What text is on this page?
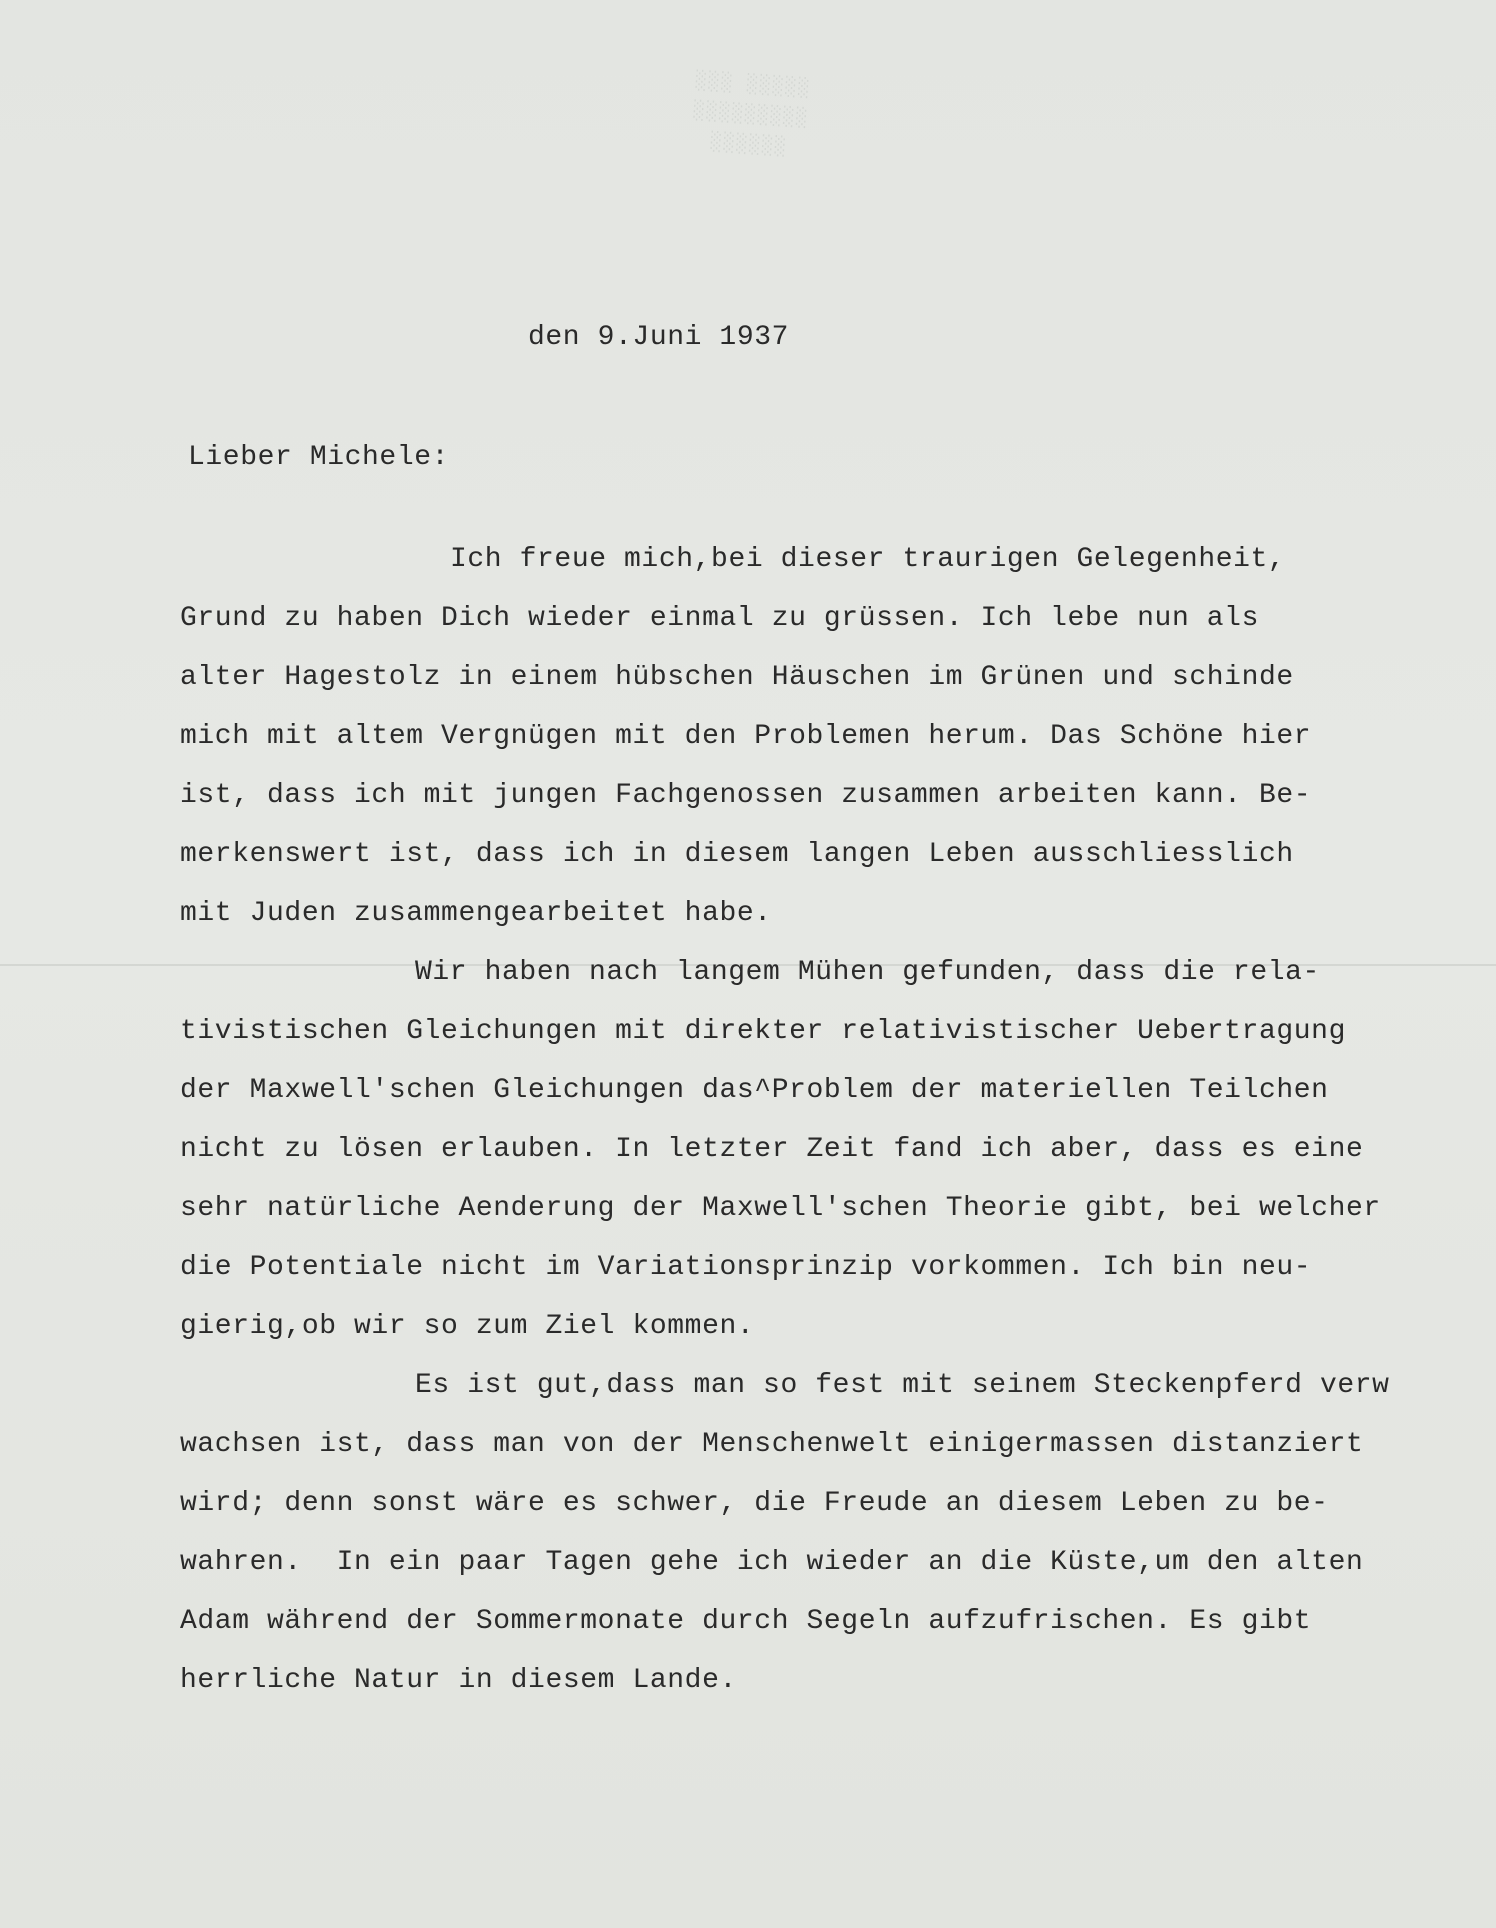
░░░ ░░░░░
░░░░░░░░░
░░░░░░
den 9.Juni 1937
Lieber Michele:
Ich freue mich,bei dieser traurigen Gelegenheit,
Grund zu haben Dich wieder einmal zu grüssen. Ich lebe nun als
alter Hagestolz in einem hübschen Häuschen im Grünen und schinde
mich mit altem Vergnügen mit den Problemen herum. Das Schöne hier
ist, dass ich mit jungen Fachgenossen zusammen arbeiten kann. Be-
merkenswert ist, dass ich in diesem langen Leben ausschliesslich
mit Juden zusammengearbeitet habe.
Wir haben nach langem Mühen gefunden, dass die rela-
tivistischen Gleichungen mit direkter relativistischer Uebertragung
der Maxwell'schen Gleichungen das^Problem der materiellen Teilchen
nicht zu lösen erlauben. In letzter Zeit fand ich aber, dass es eine
sehr natürliche Aenderung der Maxwell'schen Theorie gibt, bei welcher
die Potentiale nicht im Variationsprinzip vorkommen. Ich bin neu-
gierig,ob wir so zum Ziel kommen.
Es ist gut,dass man so fest mit seinem Steckenpferd verw
wachsen ist, dass man von der Menschenwelt einigermassen distanziert
wird; denn sonst wäre es schwer, die Freude an diesem Leben zu be-
wahren.  In ein paar Tagen gehe ich wieder an die Küste,um den alten
Adam während der Sommermonate durch Segeln aufzufrischen. Es gibt
herrliche Natur in diesem Lande.
